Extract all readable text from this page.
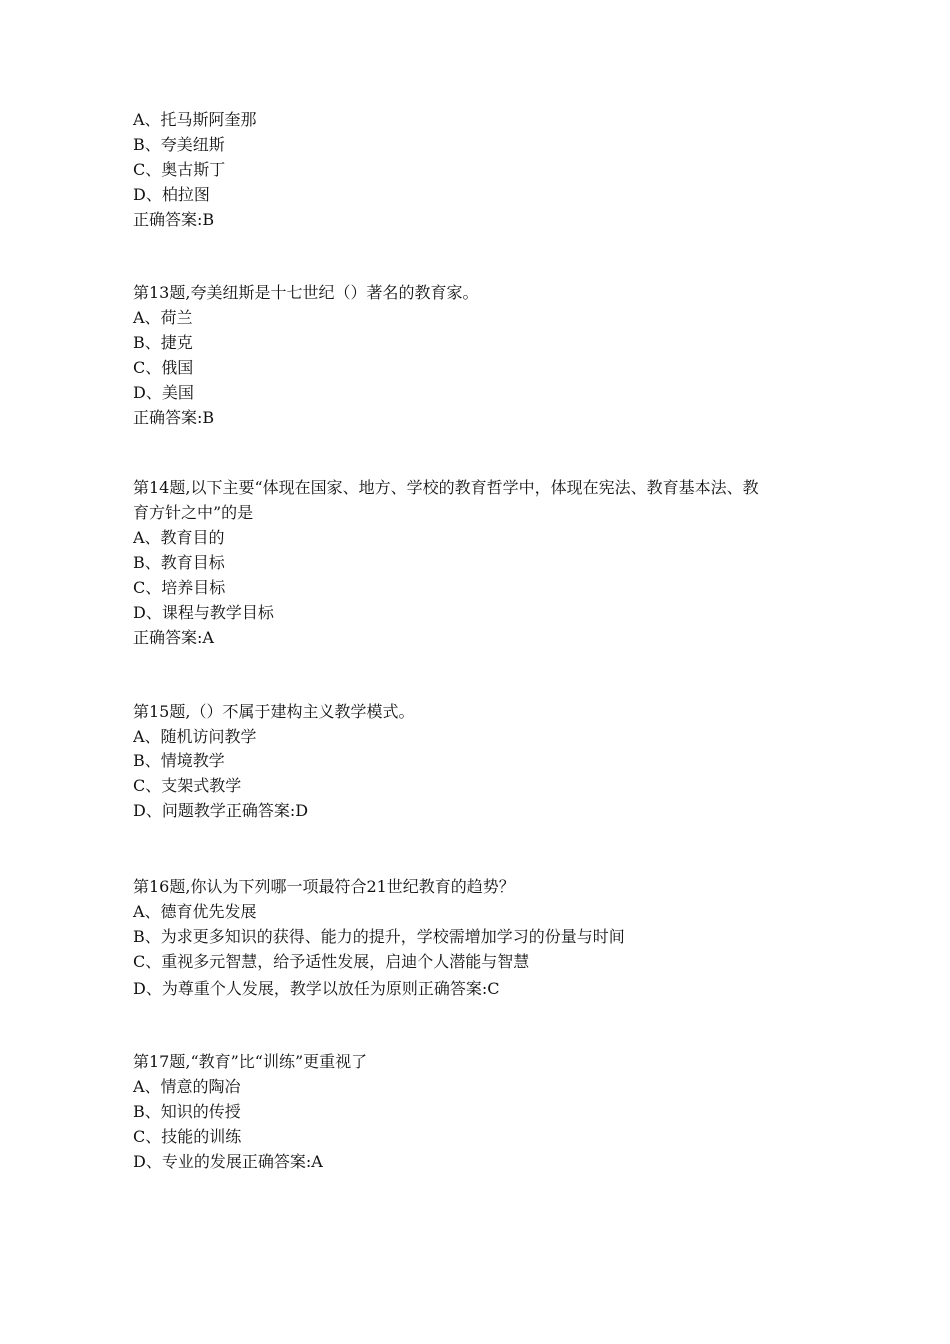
A、托马斯阿奎那
B、夸美纽斯
C、奥古斯丁
D、柏拉图
正确答案:B
第13题,夸美纽斯是十七世纪（）著名的教育家。
A、荷兰
B、捷克
C、俄国
D、美国
正确答案:B
第14题,以下主要“体现在国家、地方、学校的教育哲学中，体现在宪法、教育基本法、教
育方针之中”的是
A、教育目的
B、教育目标
C、培养目标
D、课程与教学目标
正确答案:A
第15题,（）不属于建构主义教学模式。
A、随机访问教学
B、情境教学
C、支架式教学
D、问题教学正确答案:D
第16题,你认为下列哪一项最符合21世纪教育的趋势？
A、德育优先发展
B、为求更多知识的获得、能力的提升，学校需增加学习的份量与时间
C、重视多元智慧，给予适性发展，启迪个人潜能与智慧
D、为尊重个人发展，教学以放任为原则正确答案:C
第17题,“教育”比“训练”更重视了
A、情意的陶冶
B、知识的传授
C、技能的训练
D、专业的发展正确答案:A
